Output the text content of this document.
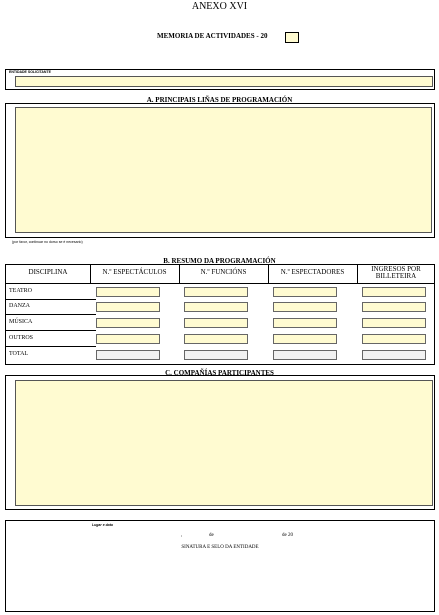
ANEXO XVI
MEMORIA DE ACTIVIDADES - 20
ENTIDADE SOLICITANTE
A. PRINCIPAIS LIÑAS DE PROGRAMACIÓN
(por favor, continuar no dorso se é necesario)
B. RESUMO DA PROGRAMACIÓN
DISCIPLINA	N.º ESPECTÁCULOS	N.º FUNCIÓNS	N.º ESPECTADORES	INGRESOS POR BILLETEIRA
TEATRO
DANZA
MÚSICA
OUTROS
TOTAL
C. COMPAÑÍAS PARTICIPANTES
Lugar e data
,	de	de 20
SINATURA E SELO DA ENTIDADE
